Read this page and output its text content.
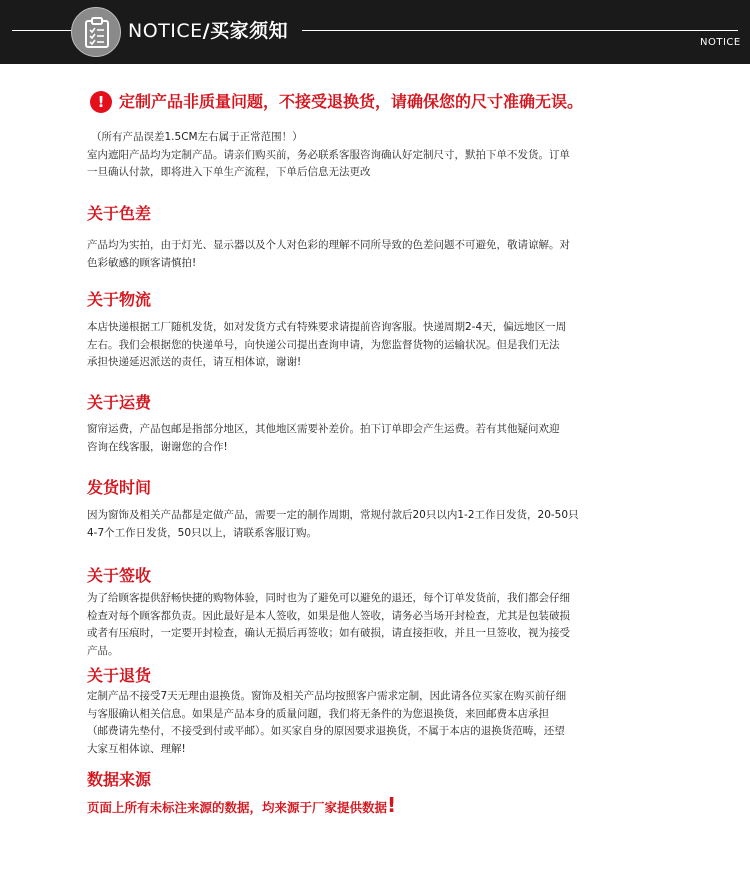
NOTICE/买家须知
NOTICE
! 定制产品非质量问题，不接受退换货，请确保您的尺寸准确无误。

（所有产品误差1.5CM左右属于正常范围！）

室内遮阳产品均为定制产品。请亲们购买前，务必联系客服咨询确认好定制尺寸，默拍下单不发货。订单

一旦确认付款，即将进入下单生产流程，下单后信息无法更改

关于色差

产品均为实拍，由于灯光、显示器以及个人对色彩的理解不同所导致的色差问题不可避免，敬请谅解。对

色彩敏感的顾客请慎拍!

关于物流

本店快递根据工厂随机发货，如对发货方式有特殊要求请提前咨询客服。快递周期2-4天，偏远地区一周

左右。我们会根据您的快递单号，向快递公司提出查询申请，为您监督货物的运输状况。但是我们无法

承担快递延迟派送的责任，请互相体谅，谢谢!

关于运费

窗帘运费，产品包邮是指部分地区，其他地区需要补差价。拍下订单即会产生运费。若有其他疑问欢迎

咨询在线客服，谢谢您的合作!

发货时间

因为窗饰及相关产品都是定做产品，需要一定的制作周期，常规付款后20只以内1-2工作日发货，20-50只

4-7个工作日发货，50只以上，请联系客服订购。

关于签收

为了给顾客提供舒畅快捷的购物体验，同时也为了避免可以避免的退还，每个订单发货前，我们都会仔细

检查对每个顾客都负责。因此最好是本人签收，如果是他人签收，请务必当场开封检查，尤其是包装破损

或者有压痕时，一定要开封检查，确认无损后再签收；如有破损，请直接拒收，并且一旦签收，视为接受

产品。

关于退货

定制产品不接受7天无理由退换货。窗饰及相关产品均按照客户需求定制，因此请各位买家在购买前仔细

与客服确认相关信息。如果是产品本身的质量问题，我们将无条件的为您退换货，来回邮费本店承担

（邮费请先垫付，不接受到付或平邮）。如买家自身的原因要求退换货，不属于本店的退换货范畴，还望

大家互相体谅、理解!

数据来源
页面上所有未标注来源的数据，均来源于厂家提供数据!
